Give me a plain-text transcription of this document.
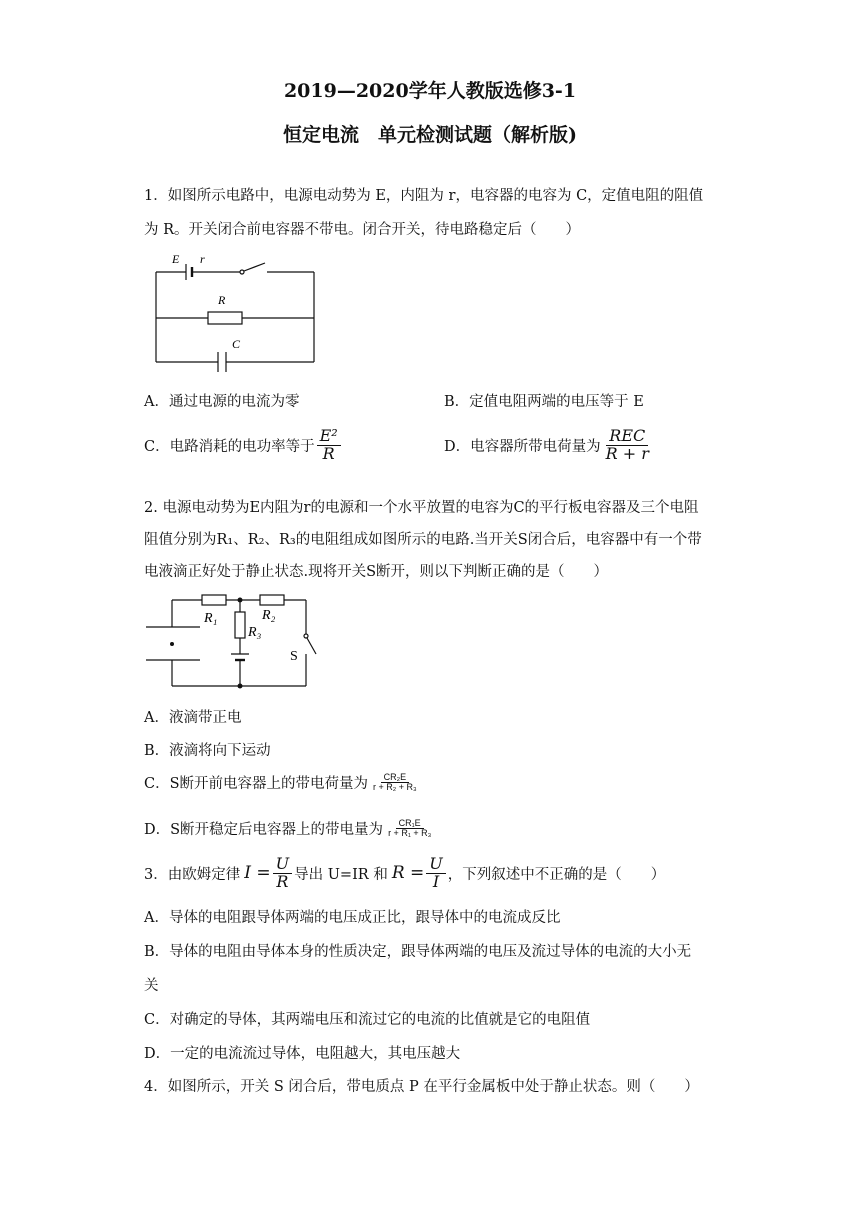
2019—2020学年人教版选修3-1
恒定电流　单元检测试题（解析版)
1．如图所示电路中，电源电动势为 E，内阻为 r，电容器的电容为 C，定值电阻的阻值
为 R。开关闭合前电容器不带电。闭合开关，待电路稳定后（　　）
E r
R
C
A．通过电源的电流为零	B．定值电阻两端的电压等于 E
C．电路消耗的电功率等于 $\frac{\text{E²}}{R}$	D．电容器所带电荷量为 $\frac{\text{REC}}{R + r}$
2. 电源电动势为E内阻为r的电源和一个水平放置的电容为C的平行板电容器及三个电阻
阻值分别为R₁、R₂、R₃的电阻组成如图所示的电路.当开关S闭合后，电容器中有一个带
电液滴正好处于静止状态.现将开关S断开，则以下判断正确的是（　　）
R₁	R₂
R₃
S
A．液滴带正电
B．液滴将向下运动
C．S断开前电容器上的带电荷量为 $\frac{\text{CR₂E}}{\text{r + R₂ + R₃}}$
D．S断开稳定后电容器上的带电量为 $\frac{\text{CR₁E}}{\text{r + R₁ + R₃}}$
3．由欧姆定律 $I = \frac{U}{R}$ 导出 U=IR 和 $R = \frac{U}{I}$ ，下列叙述中不正确的是（　　）
A．导体的电阻跟导体两端的电压成正比，跟导体中的电流成反比
B．导体的电阻由导体本身的性质决定，跟导体两端的电压及流过导体的电流的大小无
关
C．对确定的导体，其两端电压和流过它的电流的比值就是它的电阻值
D．一定的电流流过导体，电阻越大，其电压越大
4．如图所示，开关 S 闭合后，带电质点 P 在平行金属板中处于静止状态。则（　　）
